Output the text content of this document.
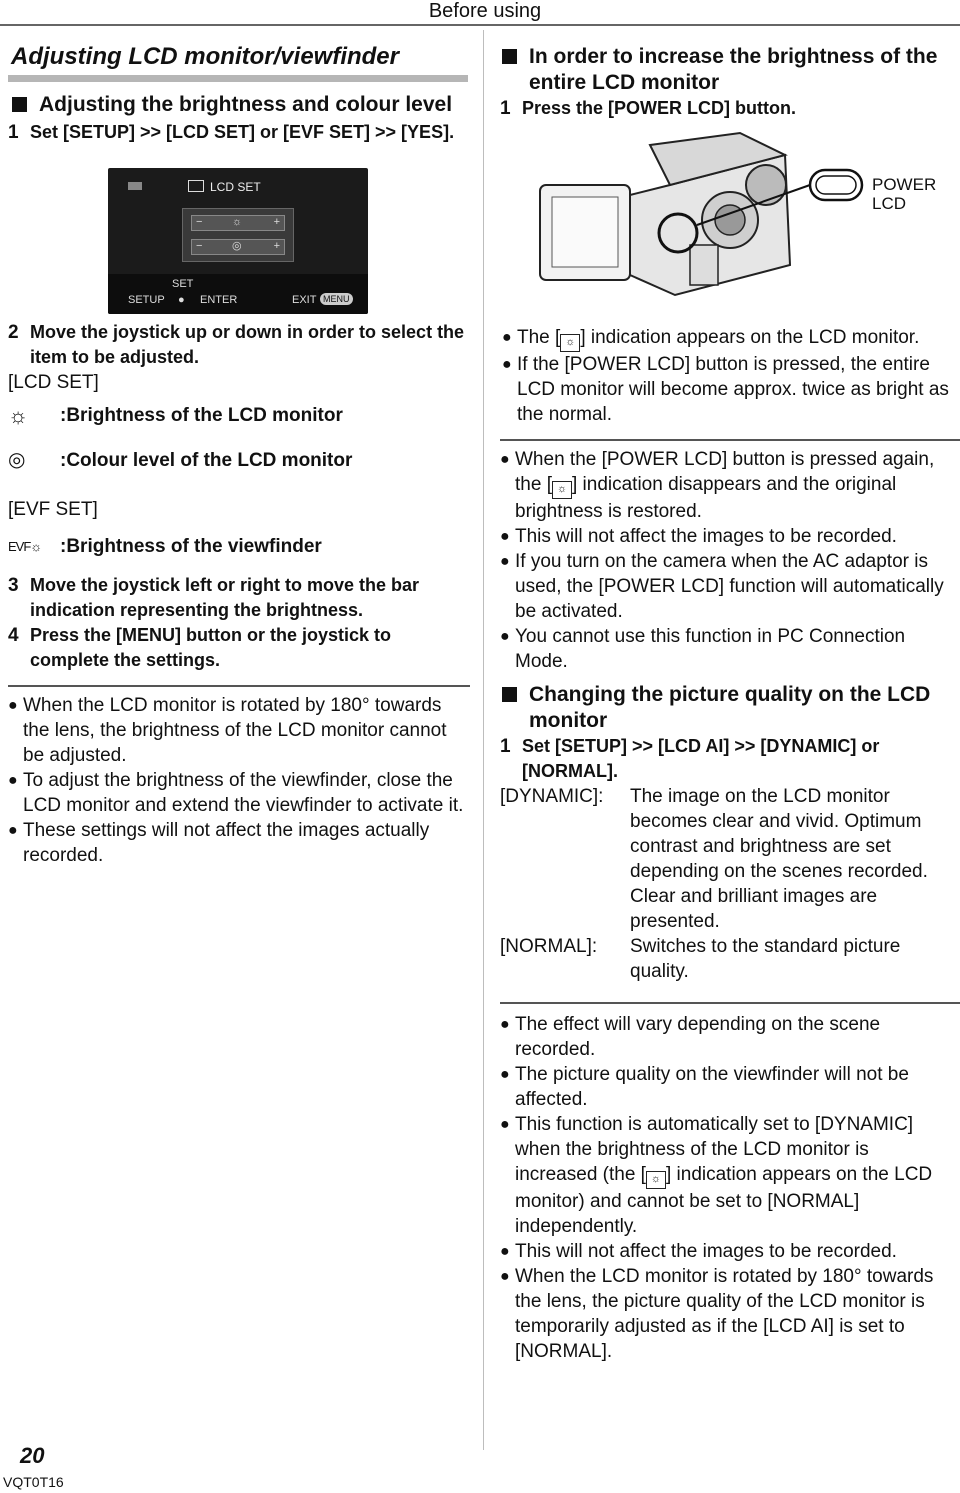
Before using
Adjusting LCD monitor/viewfinder
Adjusting the brightness and colour level
1 Set [SETUP] >> [LCD SET] or [EVF SET] >> [YES].
LCD SET
−	☼	+
−	◎	+
SET
SETUP ● ENTER	EXIT MENU
2 Move the joystick up or down in order to select the item to be adjusted.
[LCD SET]
☼	:Brightness of the LCD monitor
◎	:Colour level of the LCD monitor
[EVF SET]
EVF☼ :Brightness of the viewfinder
3 Move the joystick left or right to move the bar indication representing the brightness.
4 Press the [MENU] button or the joystick to complete the settings.
● When the LCD monitor is rotated by 180° towards the lens, the brightness of the LCD monitor cannot be adjusted.
● To adjust the brightness of the viewfinder, close the LCD monitor and extend the viewfinder to activate it.
● These settings will not affect the images actually recorded.
In order to increase the brightness of the entire LCD monitor
1 Press the [POWER LCD] button.
POWER
LCD
● The [ ☼ ] indication appears on the LCD monitor.
● If the [POWER LCD] button is pressed, the entire LCD monitor will become approx. twice as bright as the normal.
● When the [POWER LCD] button is pressed again, the [ ☼ ] indication disappears and the original brightness is restored.
● This will not affect the images to be recorded.
● If you turn on the camera when the AC adaptor is used, the [POWER LCD] function will automatically be activated.
● You cannot use this function in PC Connection Mode.
Changing the picture quality on the LCD monitor
1 Set [SETUP] >> [LCD AI] >> [DYNAMIC] or [NORMAL].
[DYNAMIC]:	The image on the LCD monitor becomes clear and vivid. Optimum contrast and brightness are set depending on the scenes recorded. Clear and brilliant images are presented.
[NORMAL]:	Switches to the standard picture quality.
● The effect will vary depending on the scene recorded.
● The picture quality on the viewfinder will not be affected.
● This function is automatically set to [DYNAMIC] when the brightness of the LCD monitor is increased (the [ ☼ ] indication appears on the LCD monitor) and cannot be set to [NORMAL] independently.
● This will not affect the images to be recorded.
● When the LCD monitor is rotated by 180° towards the lens, the picture quality of the LCD monitor is temporarily adjusted as if the [LCD AI] is set to [NORMAL].
20
VQT0T16
